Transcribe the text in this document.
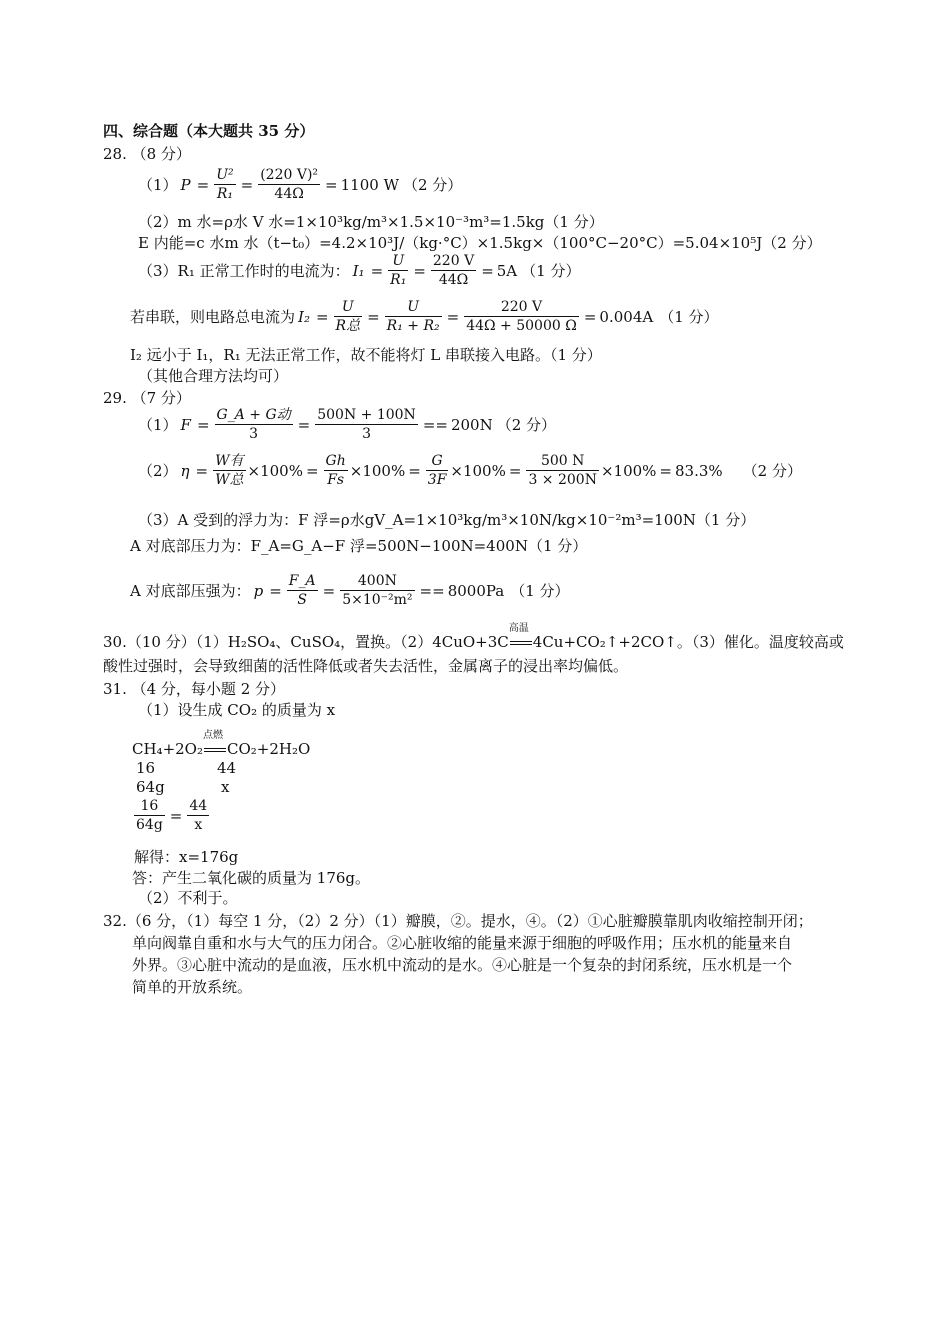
四、综合题（本大题共 35 分）
28. （8 分）
（1） $P = \frac{\text{U²}}{\text{R₁}} = \frac{\text{(220 V)²}}{44\Omega} = 1100$ W （2 分）
（2）m 水=ρ水 V 水=1×10³kg/m³×1.5×10⁻³m³=1.5kg（1 分）
E 内能=c 水m 水（t−t₀）=4.2×10³J/（kg·°C）×1.5kg×（100°C−20°C）=5.04×10⁵J（2 分）
（3）R₁ 正常工作时的电流为： $I_1 = \frac{U}{\text{R₁}} = \frac{220 V}{44\Omega} = 5A$ （1 分）
若串联，则电路总电流为 $I_2 = \frac{U}{\text{R总}} = \frac{U}{\text{R₁ + R₂}} = \frac{220 V}{44\Omega + 50000 \Omega} = 0.004A$ （1 分）
I₂ 远小于 I₁，R₁ 无法正常工作，故不能将灯 L 串联接入电路。（1 分）
（其他合理方法均可）
29. （7 分）
（1） $F = \frac{\text{G\_A + G动}}{3} = \frac{500N + 100N}{3} == 200N$ （2 分）
（2） $\eta = \frac{\text{W有}}{\text{W总}} \times 100\% = \frac{Gh}{Fs} \times 100\% = \frac{G}{3F} \times 100\% = \frac{500 N}{3 \times 200N} \times 100\% = 83.3\%$ （2 分）
（3）A 受到的浮力为：F 浮=ρ水gV_A=1×10³kg/m³×10N/kg×10⁻²m³=100N（1 分）
A 对底部压力为：F_A=G_A−F 浮=500N−100N=400N（1 分）
A 对底部压强为： $p = \frac{F\_A}{S} = \frac{400N}{\text{5×10⁻²m²}} == 8000Pa$ （1 分）
30.（10 分）（1）H₂SO₄、CuSO₄，置换。（2）4CuO+3C
高温
4Cu+CO₂↑+2CO↑。（3）催化。温度较高或
酸性过强时，会导致细菌的活性降低或者失去活性，金属离子的浸出率均偏低。
31. （4 分，每小题 2 分）
（1）设生成 CO₂ 的质量为 x
CH₄+2O₂
点燃
CO₂+2H₂O
16	44
64g	x
$\frac{16}{64g} = \frac{44}{x}$
解得：x=176g
答：产生二氧化碳的质量为 176g。
（2）不利于。
32.（6 分，（1）每空 1 分，（2）2 分）（1）瓣膜，②。提水，④。（2）①心脏瓣膜靠肌肉收缩控制开闭；
单向阀靠自重和水与大气的压力闭合。②心脏收缩的能量来源于细胞的呼吸作用；压水机的能量来自
外界。③心脏中流动的是血液，压水机中流动的是水。④心脏是一个复杂的封闭系统，压水机是一个
简单的开放系统。
